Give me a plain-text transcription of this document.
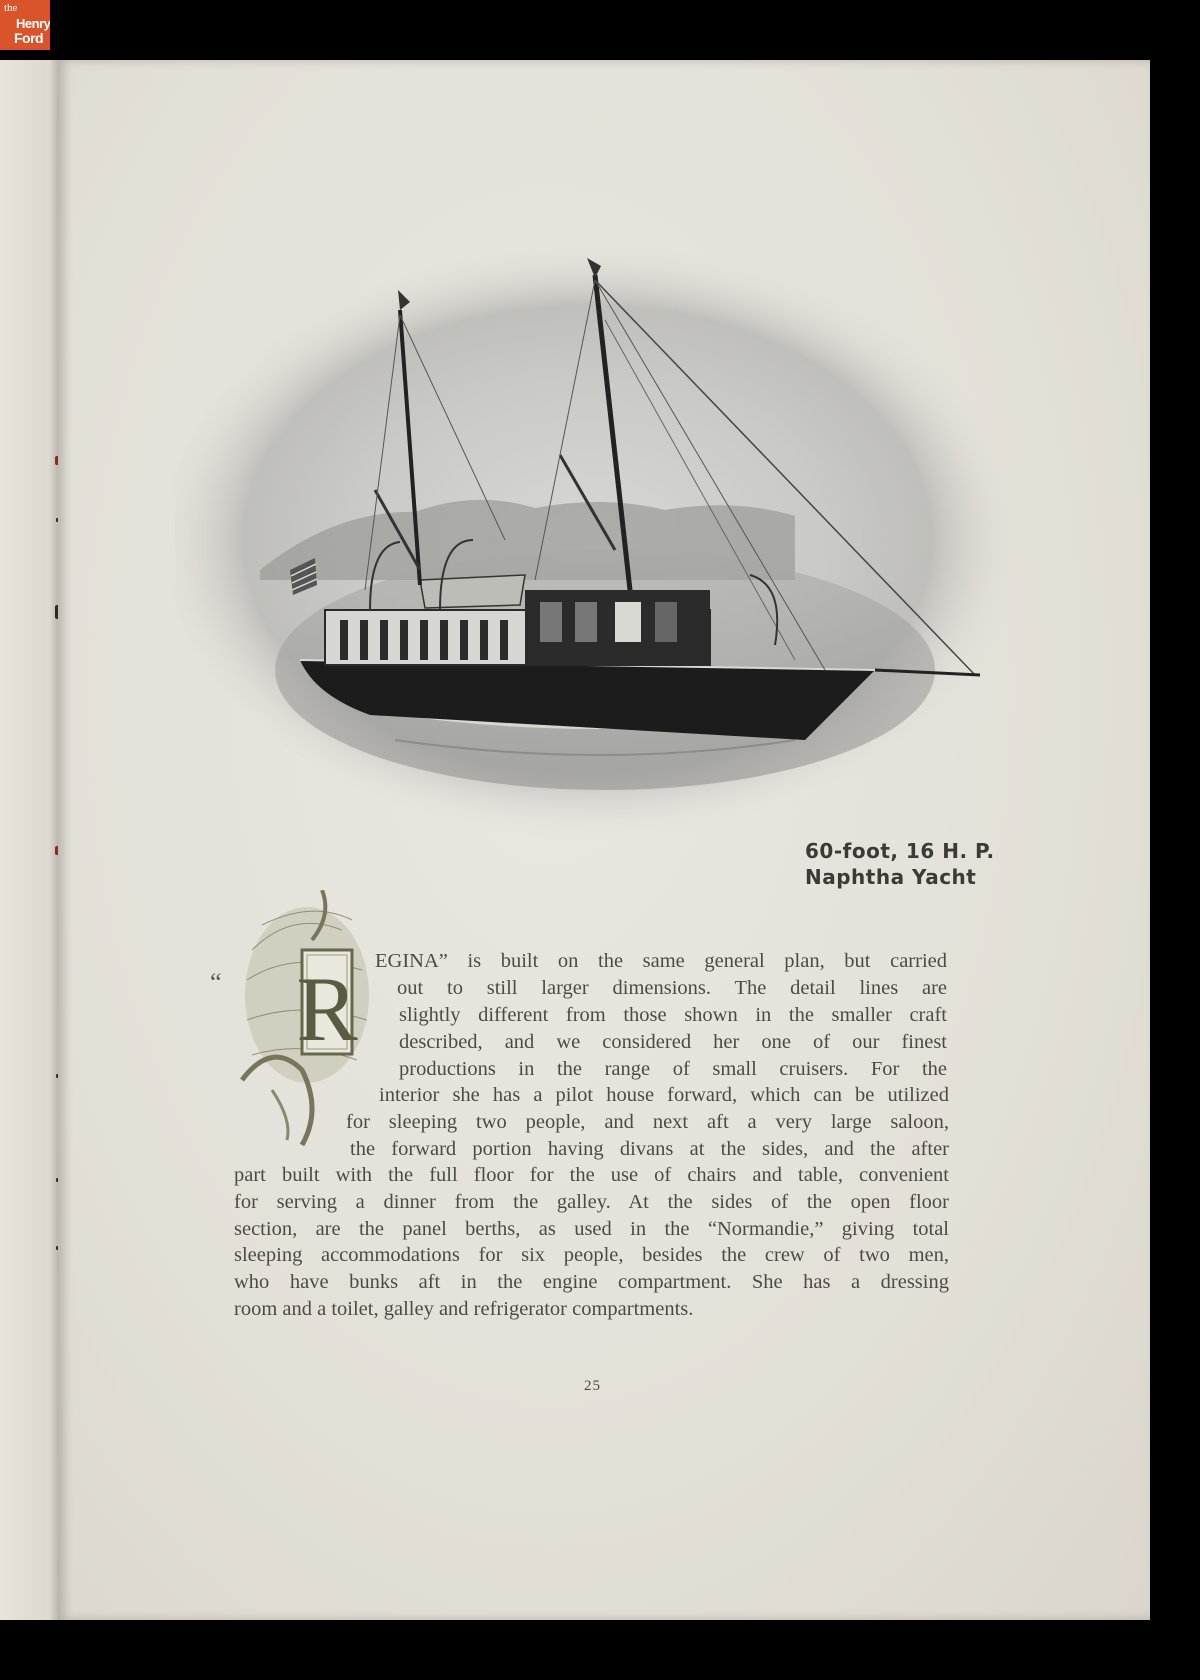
the
Henry
Ford
60-foot, 16 H. P.
Naphtha Yacht
“ R EGINA” is built on the same general plan, but carried
out to still larger dimensions. The detail lines are
slightly different from those shown in the smaller craft
described, and we considered her one of our finest
productions in the range of small cruisers. For the
interior she has a pilot house forward, which can be utilized
for sleeping two people, and next aft a very large saloon,
the forward portion having divans at the sides, and the after
part built with the full floor for the use of chairs and table, convenient
for serving a dinner from the galley. At the sides of the open floor
section, are the panel berths, as used in the “Normandie,” giving total
sleeping accommodations for six people, besides the crew of two men,
who have bunks aft in the engine compartment. She has a dressing
room and a toilet, galley and refrigerator compartments.
25
